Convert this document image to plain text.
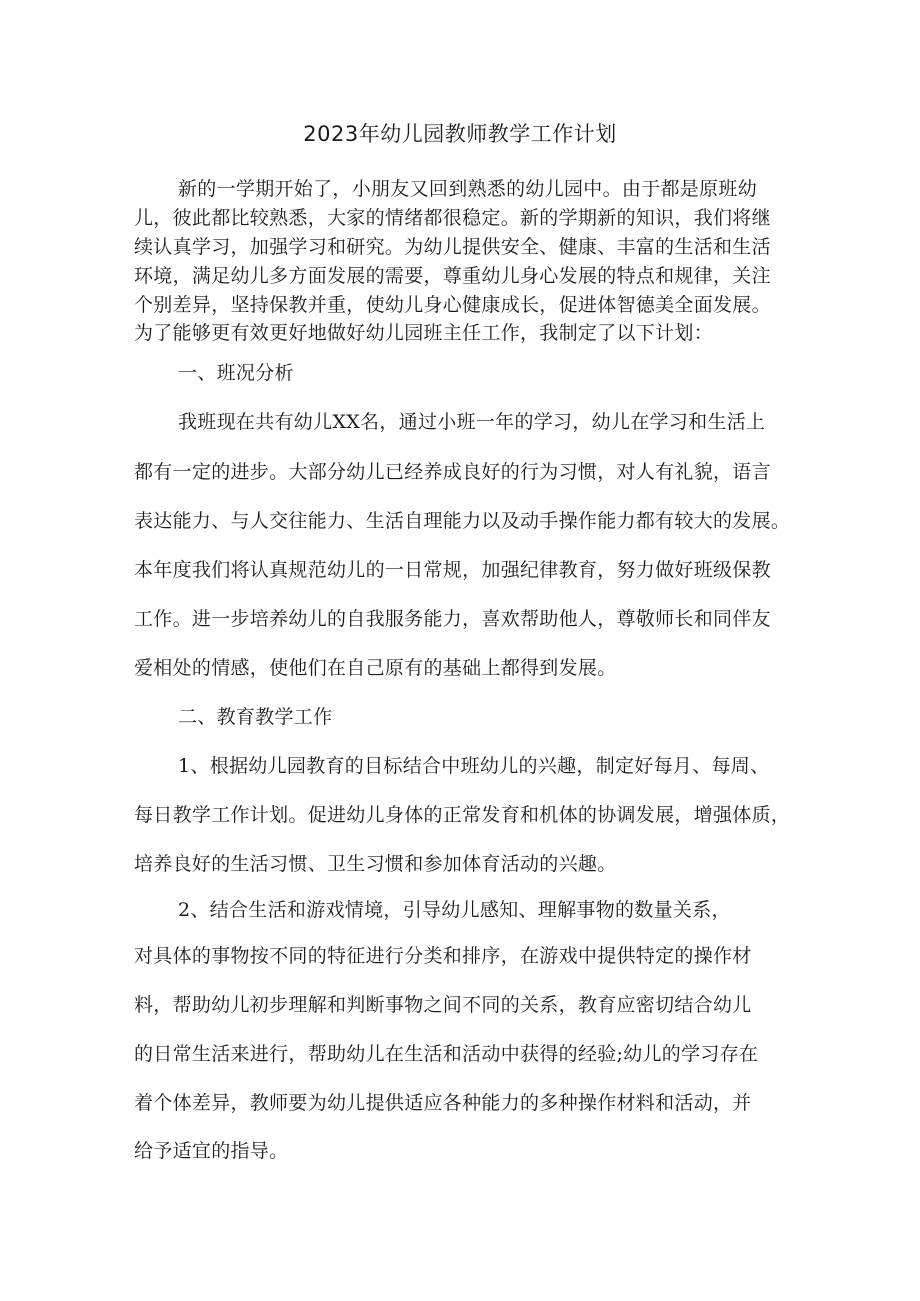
2023年幼儿园教师教学工作计划
新的一学期开始了，小朋友又回到熟悉的幼儿园中。由于都是原班幼
儿，彼此都比较熟悉，大家的情绪都很稳定。新的学期新的知识，我们将继
续认真学习，加强学习和研究。为幼儿提供安全、健康、丰富的生活和生活
环境，满足幼儿多方面发展的需要，尊重幼儿身心发展的特点和规律，关注
个别差异，坚持保教并重，使幼儿身心健康成长，促进体智德美全面发展。
为了能够更有效更好地做好幼儿园班主任工作，我制定了以下计划：
一、班况分析
我班现在共有幼儿XX名，通过小班一年的学习，幼儿在学习和生活上
都有一定的进步。大部分幼儿已经养成良好的行为习惯，对人有礼貌，语言
表达能力、与人交往能力、生活自理能力以及动手操作能力都有较大的发展。
本年度我们将认真规范幼儿的一日常规，加强纪律教育，努力做好班级保教
工作。进一步培养幼儿的自我服务能力，喜欢帮助他人，尊敬师长和同伴友
爱相处的情感，使他们在自己原有的基础上都得到发展。
二、教育教学工作
1、根据幼儿园教育的目标结合中班幼儿的兴趣，制定好每月、每周、
每日教学工作计划。促进幼儿身体的正常发育和机体的协调发展，增强体质，
培养良好的生活习惯、卫生习惯和参加体育活动的兴趣。
2、结合生活和游戏情境，引导幼儿感知、理解事物的数量关系，
对具体的事物按不同的特征进行分类和排序，在游戏中提供特定的操作材
料，帮助幼儿初步理解和判断事物之间不同的关系，教育应密切结合幼儿
的日常生活来进行，帮助幼儿在生活和活动中获得的经验;幼儿的学习存在
着个体差异，教师要为幼儿提供适应各种能力的多种操作材料和活动，并
给予适宜的指导。
